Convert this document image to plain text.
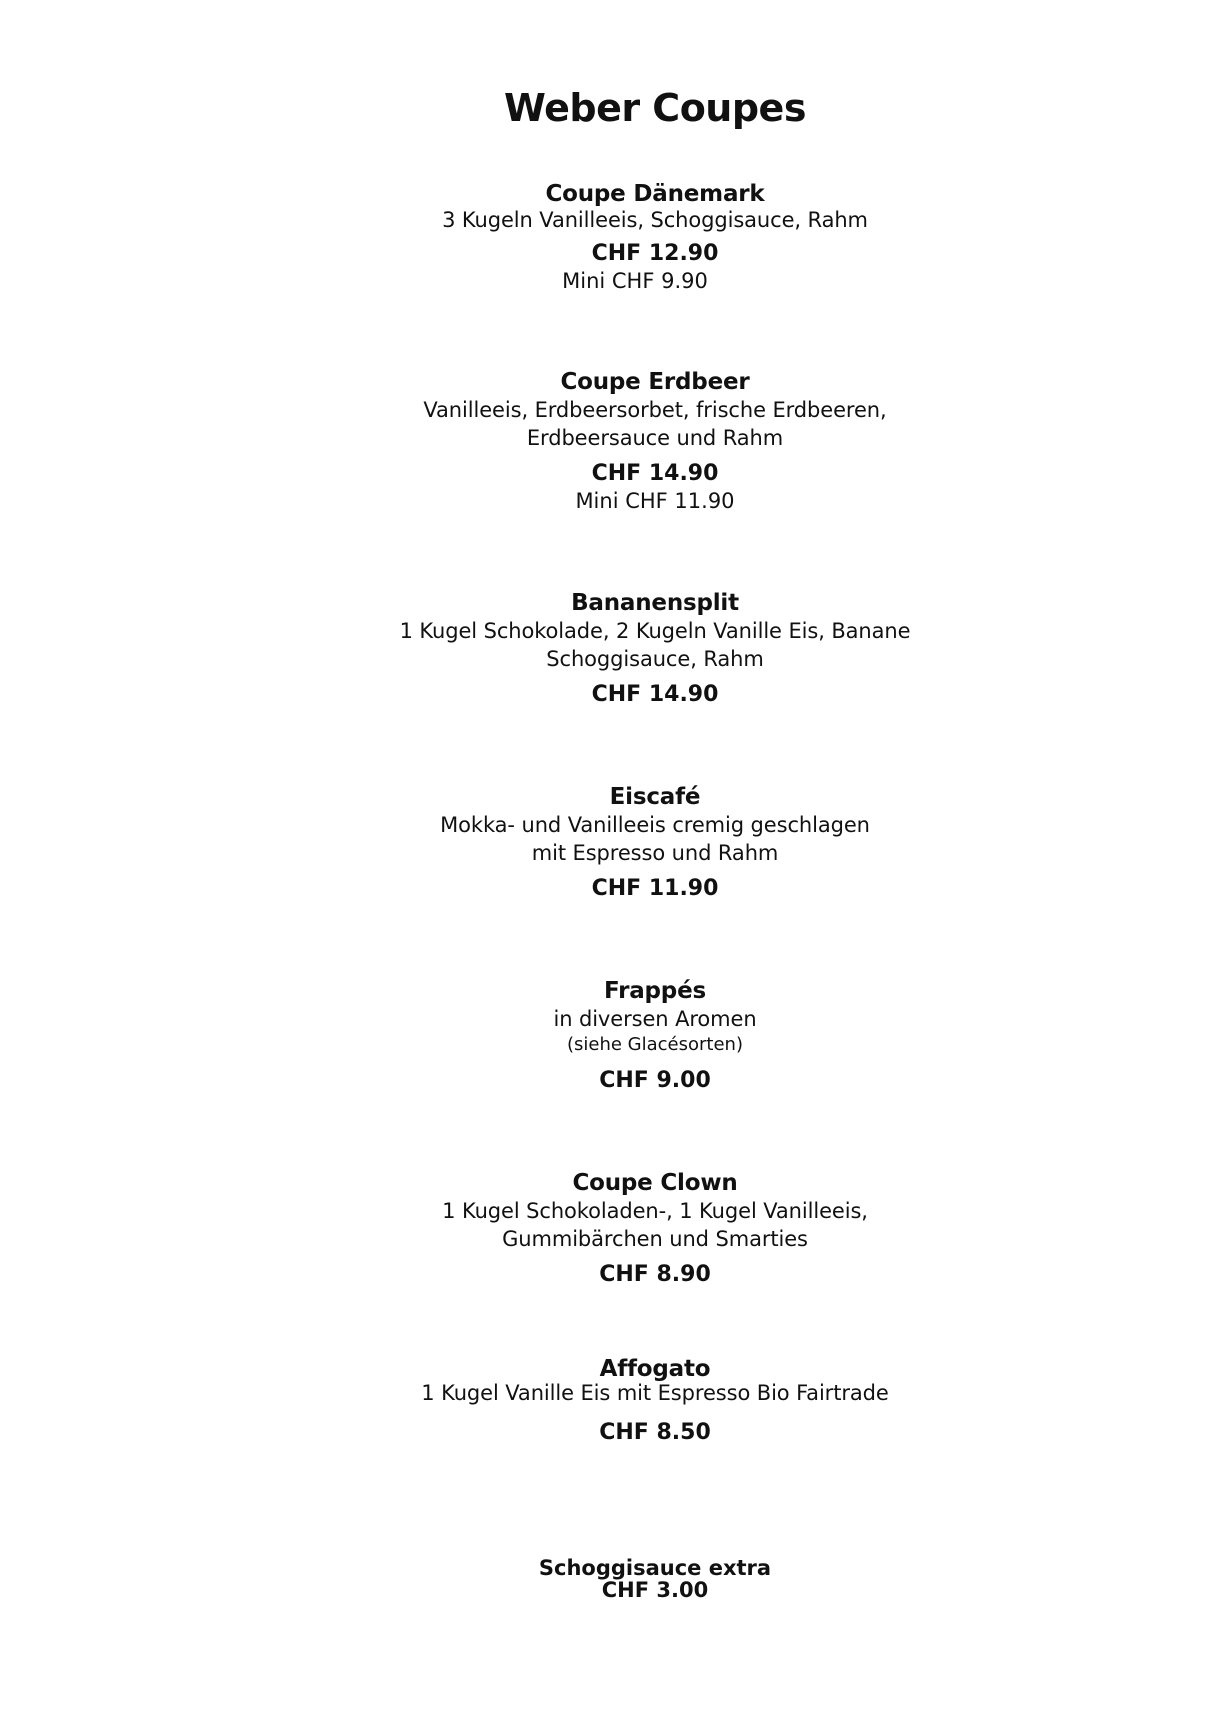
Weber Coupes
Coupe Dänemark
3 Kugeln Vanilleeis, Schoggisauce, Rahm
CHF 12.90
Mini CHF 9.90
Coupe Erdbeer
Vanilleeis, Erdbeersorbet, frische Erdbeeren,
Erdbeersauce und Rahm
CHF 14.90
Mini CHF 11.90
Bananensplit
1 Kugel Schokolade, 2 Kugeln Vanille Eis, Banane
Schoggisauce, Rahm
CHF 14.90
Eiscafé
Mokka- und Vanilleeis cremig geschlagen
mit Espresso und Rahm
CHF 11.90
Frappés
in diversen Aromen
(siehe Glacésorten)
CHF 9.00
Coupe Clown
1 Kugel Schokoladen-, 1 Kugel Vanilleeis,
Gummibärchen und Smarties
CHF 8.90
Affogato
1 Kugel Vanille Eis mit Espresso Bio Fairtrade
CHF 8.50
Schoggisauce extra
CHF 3.00
